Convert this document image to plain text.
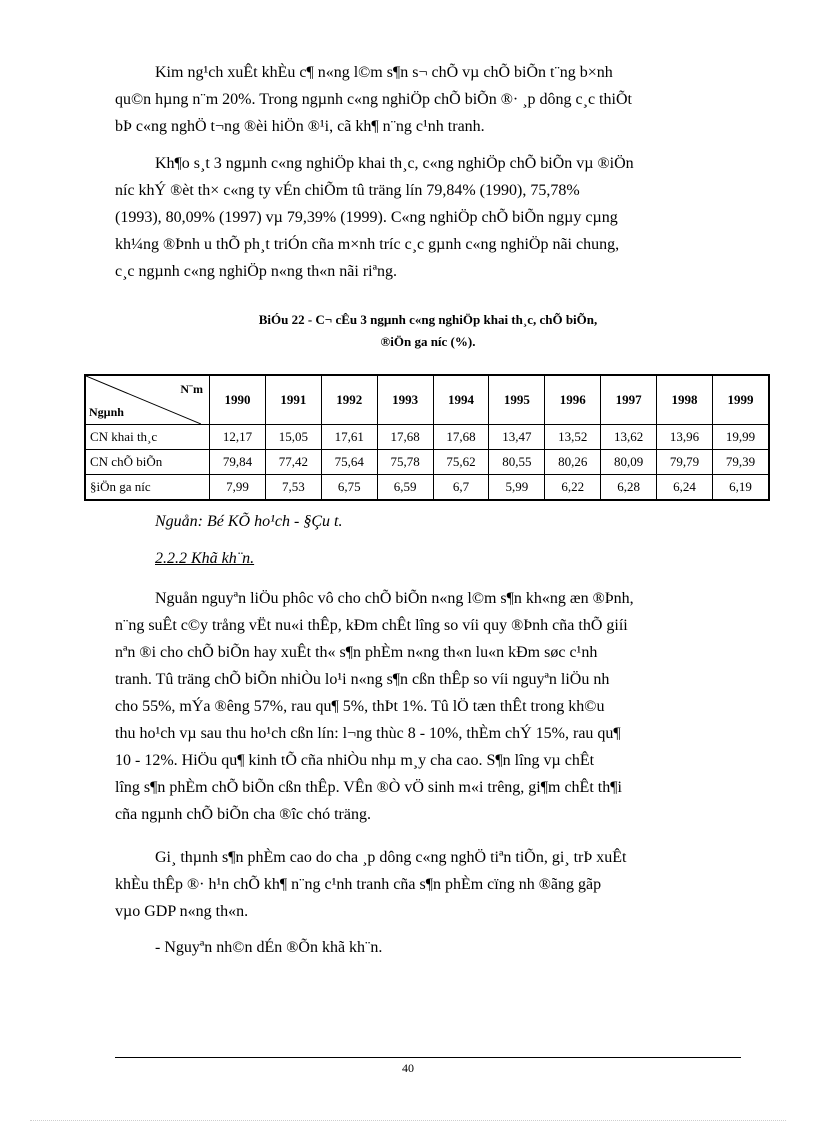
Kim ng¹ch xuÊt khÈu c¶ n«ng l©m s¶n s¬ chÕ vµ chÕ biÕn t¨ng b×nh
qu©n hµng n¨m 20%. Trong ngµnh c«ng nghiÖp chÕ biÕn ®· ¸p dông c¸c thiÕt
bÞ c«ng nghÖ t¬ng ®èi hiÖn ®¹i, cã kh¶ n¨ng c¹nh tranh.

Kh¶o s¸t 3 ngµnh c«ng nghiÖp khai th¸c, c«ng nghiÖp chÕ biÕn vµ ®iÖn
níc khÝ ®èt th× c«ng ty vÉn chiÕm tû träng lín 79,84% (1990), 75,78%
(1993), 80,09% (1997) vµ 79,39% (1999). C«ng nghiÖp chÕ biÕn ngµy cµng
kh¼ng ®Þnh u thÕ ph¸t triÓn cña m×nh tríc c¸c gµnh c«ng nghiÖp nãi chung,
c¸c ngµnh c«ng nghiÖp n«ng th«n nãi riªng.

BiÓu 22 - C¬ cÊu 3 ngµnh c«ng nghiÖp khai th¸c, chÕ biÕn,
®iÖn ga níc (%).
N¨m
Ngµnh	1990	1991	1992	1993	1994	1995	1996	1997	1998	1999
CN khai th¸c	12,17	15,05	17,61	17,68	17,68	13,47	13,52	13,62	13,96	19,99
CN chÕ biÕn	79,84	77,42	75,64	75,78	75,62	80,55	80,26	80,09	79,79	79,39
§iÖn ga níc	7,99	7,53	6,75	6,59	6,7	5,99	6,22	6,28	6,24	6,19
Nguån: Bé KÕ ho¹ch - §Çu t.
2.2.2 Khã kh¨n.

Nguån nguyªn liÖu phôc vô cho chÕ biÕn n«ng l©m s¶n kh«ng æn ®Þnh,
n¨ng suÊt c©y trång vËt nu«i thÊp, kÐm chÊt lîng so víi quy ®Þnh cña thÕ giíi
nªn ®i cho chÕ biÕn hay xuÊt th« s¶n phÈm n«ng th«n lu«n kÐm søc c¹nh
tranh. Tû träng chÕ biÕn nhiÒu lo¹i n«ng s¶n cßn thÊp so víi nguyªn liÖu nh
cho 55%, mÝa ®êng 57%, rau qu¶ 5%, thÞt 1%. Tû lÖ tæn thÊt trong kh©u
thu ho¹ch vµ sau thu ho¹ch cßn lín: l¬ng thùc 8 - 10%, thÈm chÝ 15%, rau qu¶
10 - 12%. HiÖu qu¶ kinh tÕ cña nhiÒu nhµ m¸y cha cao. S¶n lîng vµ chÊt
lîng s¶n phÈm chÕ biÕn cßn thÊp. VÊn ®Ò vÖ sinh m«i trêng, gi¶m chÊt th¶i
cña ngµnh chÕ biÕn cha ®îc chó träng.

Gi¸ thµnh s¶n phÈm cao do cha ¸p dông c«ng nghÖ tiªn tiÕn, gi¸ trÞ xuÊt
khÈu thÊp ®· h¹n chÕ kh¶ n¨ng c¹nh tranh cña s¶n phÈm cïng nh ®ãng gãp
vµo GDP n«ng th«n.

- Nguyªn nh©n dÉn ®Õn khã kh¨n.

40
